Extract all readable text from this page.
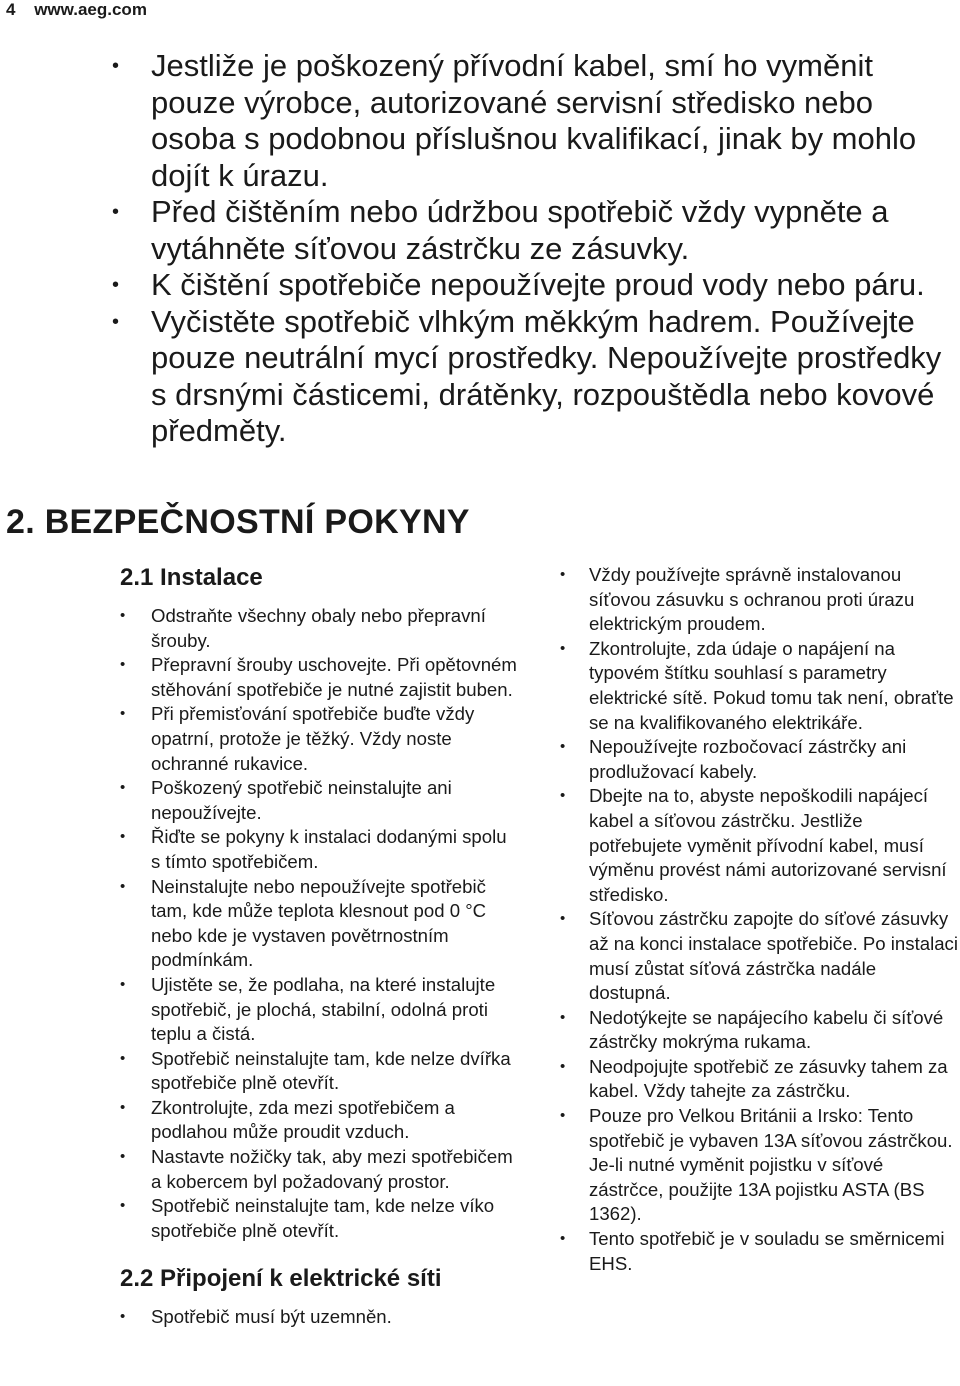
4 www.aeg.com
• Jestliže je poškozený přívodní kabel, smí ho vyměnit pouze výrobce, autorizované servisní středisko nebo osoba s podobnou příslušnou kvalifikací, jinak by mohlo dojít k úrazu.
• Před čištěním nebo údržbou spotřebič vždy vypněte a vytáhněte síťovou zástrčku ze zásuvky.
• K čištění spotřebiče nepoužívejte proud vody nebo páru.
• Vyčistěte spotřebič vlhkým měkkým hadrem. Používejte pouze neutrální mycí prostředky. Nepoužívejte prostředky s drsnými částicemi, drátěnky, rozpouštědla nebo kovové předměty.
2. BEZPEČNOSTNÍ POKYNY
2.1 Instalace
• Odstraňte všechny obaly nebo přepravní šrouby.
• Přepravní šrouby uschovejte. Při opětovném stěhování spotřebiče je nutné zajistit buben.
• Při přemisťování spotřebiče buďte vždy opatrní, protože je těžký. Vždy noste ochranné rukavice.
• Poškozený spotřebič neinstalujte ani nepoužívejte.
• Řiďte se pokyny k instalaci dodanými spolu s tímto spotřebičem.
• Neinstalujte nebo nepoužívejte spotřebič tam, kde může teplota klesnout pod 0 °C nebo kde je vystaven povětrnostním podmínkám.
• Ujistěte se, že podlaha, na které instalujte spotřebič, je plochá, stabilní, odolná proti teplu a čistá.
• Spotřebič neinstalujte tam, kde nelze dvířka spotřebiče plně otevřít.
• Zkontrolujte, zda mezi spotřebičem a podlahou může proudit vzduch.
• Nastavte nožičky tak, aby mezi spotřebičem a kobercem byl požadovaný prostor.
• Spotřebič neinstalujte tam, kde nelze víko spotřebiče plně otevřít.
2.2 Připojení k elektrické síti
• Spotřebič musí být uzemněn.
• Vždy používejte správně instalovanou síťovou zásuvku s ochranou proti úrazu elektrickým proudem.
• Zkontrolujte, zda údaje o napájení na typovém štítku souhlasí s parametry elektrické sítě. Pokud tomu tak není, obraťte se na kvalifikovaného elektrikáře.
• Nepoužívejte rozbočovací zástrčky ani prodlužovací kabely.
• Dbejte na to, abyste nepoškodili napájecí kabel a síťovou zástrčku. Jestliže potřebujete vyměnit přívodní kabel, musí výměnu provést námi autorizované servisní středisko.
• Síťovou zástrčku zapojte do síťové zásuvky až na konci instalace spotřebiče. Po instalaci musí zůstat síťová zástrčka nadále dostupná.
• Nedotýkejte se napájecího kabelu či síťové zástrčky mokrýma rukama.
• Neodpojujte spotřebič ze zásuvky tahem za kabel. Vždy tahejte za zástrčku.
• Pouze pro Velkou Británii a Irsko: Tento spotřebič je vybaven 13A síťovou zástrčkou. Je-li nutné vyměnit pojistku v síťové zástrčce, použijte 13A pojistku ASTA (BS 1362).
• Tento spotřebič je v souladu se směrnicemi EHS.
